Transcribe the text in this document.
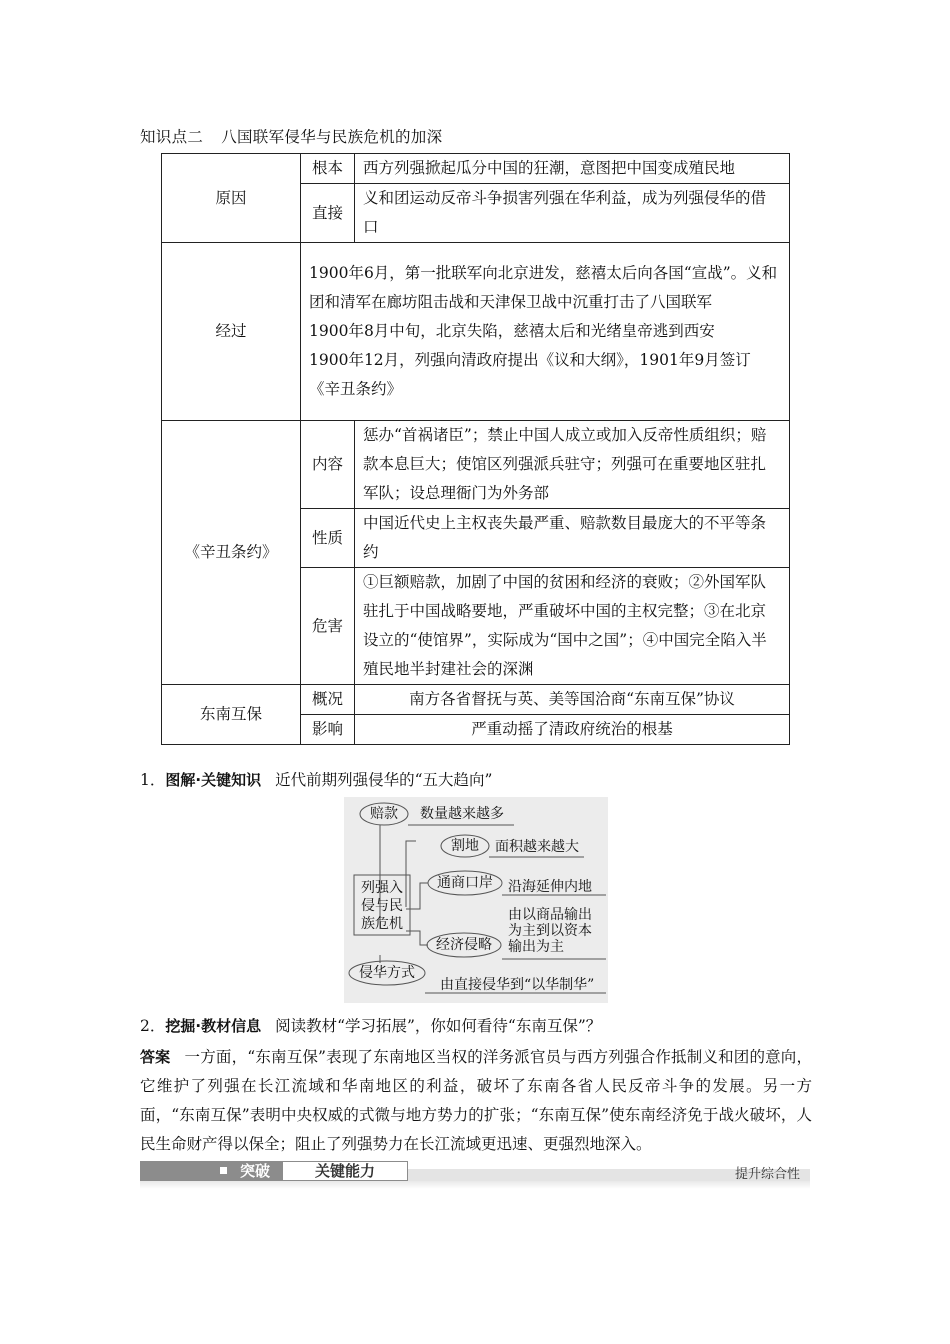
知识点二 八国联军侵华与民族危机的加深
原因	根本	西方列强掀起瓜分中国的狂潮，意图把中国变成殖民地
	直接	义和团运动反帝斗争损害列强在华利益，成为列强侵华的借口
经过	1900年6月，第一批联军向北京进发，慈禧太后向各国“宣战”。义和团和清军在廊坊阻击战和天津保卫战中沉重打击了八国联军
1900年8月中旬，北京失陷，慈禧太后和光绪皇帝逃到西安
1900年12月，列强向清政府提出《议和大纲》，1901年9月签订《辛丑条约》	

《辛丑条约》	内容	惩办“首祸诸臣”；禁止中国人成立或加入反帝性质组织；赔款本息巨大；使馆区列强派兵驻守；列强可在重要地区驻扎军队；设总理衙门为外务部
	性质	中国近代史上主权丧失最严重、赔款数目最庞大的不平等条约
	危害	①巨额赔款，加剧了中国的贫困和经济的衰败；②外国军队驻扎于中国战略要地，严重破坏中国的主权完整；③在北京设立的“使馆界”，实际成为“国中之国”；④中国完全陷入半殖民地半封建社会的深渊
东南互保	概况	南方各省督抚与英、美等国洽商“东南互保”协议
	影响	严重动摇了清政府统治的根基
1．图解·关键知识 近代前期列强侵华的“五大趋向”
赔款	数量越来越多
割地	面积越来越大
通商口岸	沿海延伸内地
列强入侵与民族危机
经济侵略
由以商品输出为主到以资本输出为主
侵华方式
由直接侵华到“以华制华”
2．挖掘·教材信息 阅读教材“学习拓展”，你如何看待“东南互保”？
答案 一方面，“东南互保”表现了东南地区当权的洋务派官员与西方列强合作抵制义和团的意向，它维护了列强在长江流域和华南地区的利益，破坏了东南各省人民反帝斗争的发展。另一方面，“东南互保”表明中央权威的式微与地方势力的扩张；“东南互保”使东南经济免于战火破坏，人民生命财产得以保全；阻止了列强势力在长江流域更迅速、更强烈地深入。
突破	关键能力	提升综合性
